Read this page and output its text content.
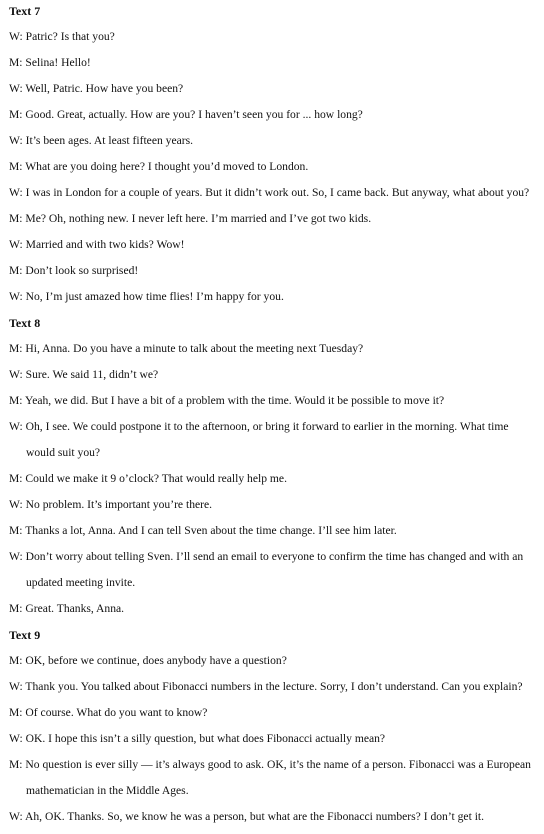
Text 7
W: Patric? Is that you?
M: Selina! Hello!
W: Well, Patric. How have you been?
M: Good. Great, actually. How are you? I haven’t seen you for ... how long?
W: It’s been ages. At least fifteen years.
M: What are you doing here? I thought you’d moved to London.
W: I was in London for a couple of years. But it didn’t work out. So, I came back. But anyway, what about you?
M: Me? Oh, nothing new. I never left here. I’m married and I’ve got two kids.
W: Married and with two kids? Wow!
M: Don’t look so surprised!
W: No, I’m just amazed how time flies! I’m happy for you.
Text 8
M: Hi, Anna. Do you have a minute to talk about the meeting next Tuesday?
W: Sure. We said 11, didn’t we?
M: Yeah, we did. But I have a bit of a problem with the time. Would it be possible to move it?
W: Oh, I see. We could postpone it to the afternoon, or bring it forward to earlier in the morning. What time would suit you?
M: Could we make it 9 o’clock? That would really help me.
W: No problem. It’s important you’re there.
M: Thanks a lot, Anna. And I can tell Sven about the time change. I’ll see him later.
W: Don’t worry about telling Sven. I’ll send an email to everyone to confirm the time has changed and with an updated meeting invite.
M: Great. Thanks, Anna.
Text 9
M: OK, before we continue, does anybody have a question?
W: Thank you. You talked about Fibonacci numbers in the lecture. Sorry, I don’t understand. Can you explain?
M: Of course. What do you want to know?
W: OK. I hope this isn’t a silly question, but what does Fibonacci actually mean?
M: No question is ever silly — it’s always good to ask. OK, it’s the name of a person. Fibonacci was a European mathematician in the Middle Ages.
W: Ah, OK. Thanks. So, we know he was a person, but what are the Fibonacci numbers? I don’t get it.
